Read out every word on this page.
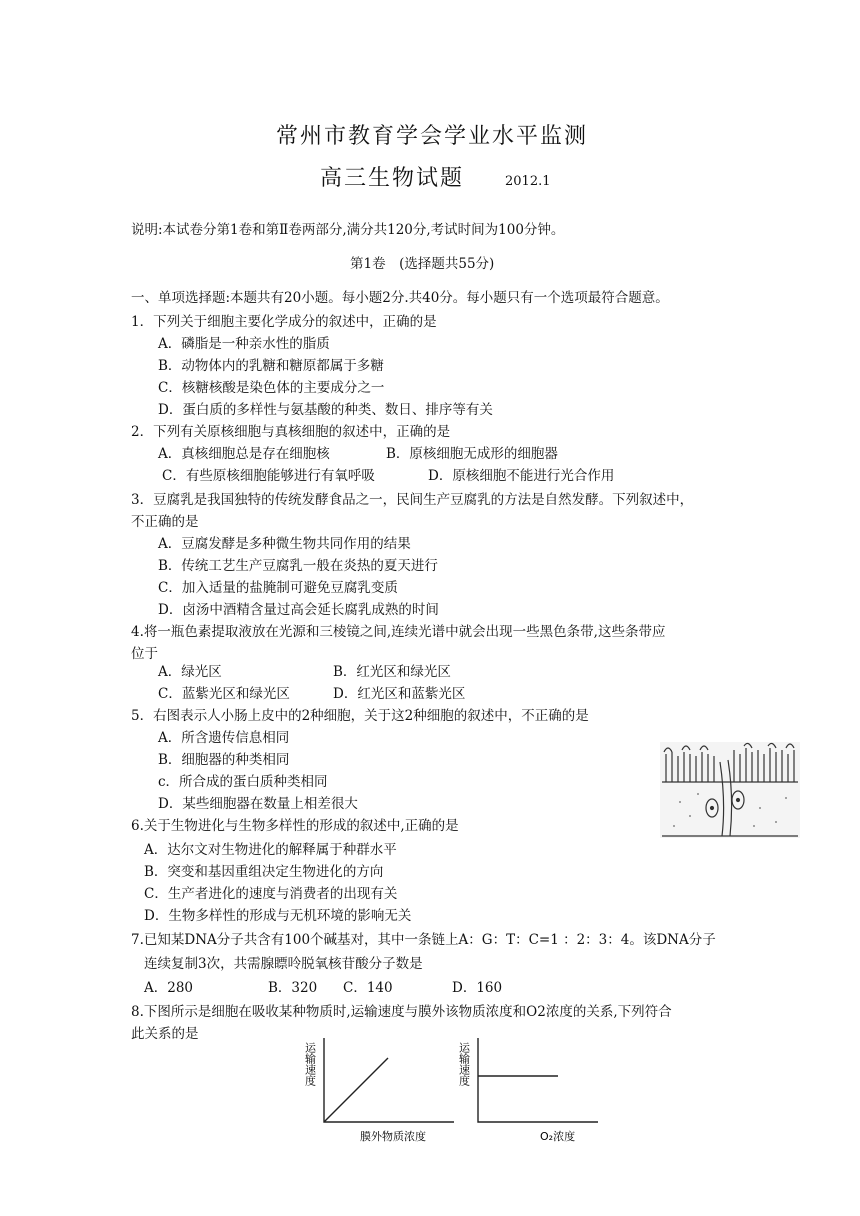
常州市教育学会学业水平监测
高三生物试题	2012.1
说明:本试卷分第1卷和第Ⅱ卷两部分,满分共120分,考试时间为100分钟。
第1卷　(选择题共55分)
一、单项选择题:本题共有20小题。每小题2分.共40分。每小题只有一个选项最符合题意。
1．下列关于细胞主要化学成分的叙述中，正确的是
A．磷脂是一种亲水性的脂质
B．动物体内的乳糖和糖原都属于多糖
C．核糖核酸是染色体的主要成分之一
D．蛋白质的多样性与氨基酸的种类、数日、排序等有关
2．下列有关原核细胞与真核细胞的叙述中，正确的是
A．真核细胞总是存在细胞核	B．原核细胞无成形的细胞器
C．有些原核细胞能够进行有氧呼吸	D．原核细胞不能进行光合作用
3．豆腐乳是我国独特的传统发酵食品之一，民间生产豆腐乳的方法是自然发酵。下列叙述中，
不正确的是
A．豆腐发酵是多种微生物共同作用的结果
B．传统工艺生产豆腐乳一般在炎热的夏天进行
C．加入适量的盐腌制可避免豆腐乳变质
D．卤汤中酒精含量过高会延长腐乳成熟的时间
4.将一瓶色素提取液放在光源和三棱镜之间,连续光谱中就会出现一些黑色条带,这些条带应
位于
A．绿光区	B．红光区和绿光区
C．蓝紫光区和绿光区	D．红光区和蓝紫光区
5．右图表示人小肠上皮中的2种细胞，关于这2种细胞的叙述中，不正确的是
A．所含遗传信息相同
B．细胞器的种类相同
c．所合成的蛋白质种类相同
D．某些细胞器在数量上相差很大
6.关于生物进化与生物多样性的形成的叙述中,正确的是
A．达尔文对生物进化的解释属于种群水平
B．突变和基因重组决定生物进化的方向
C．生产者进化的速度与消费者的出现有关
D．生物多样性的形成与无机环境的影响无关
7.已知某DNA分子共含有100个碱基对，其中一条链上A：G：T：C=1 ：2：3：4。该DNA分子
连续复制3次，共需腺瞟呤脱氧核苷酸分子数是
A．280	B．320 C．140	D．160
8.下图所示是细胞在吸收某种物质时,运输速度与膜外该物质浓度和O2浓度的关系,下列符合
此关系的是
运输速度
膜外物质浓度
运输速度
O₂浓度
